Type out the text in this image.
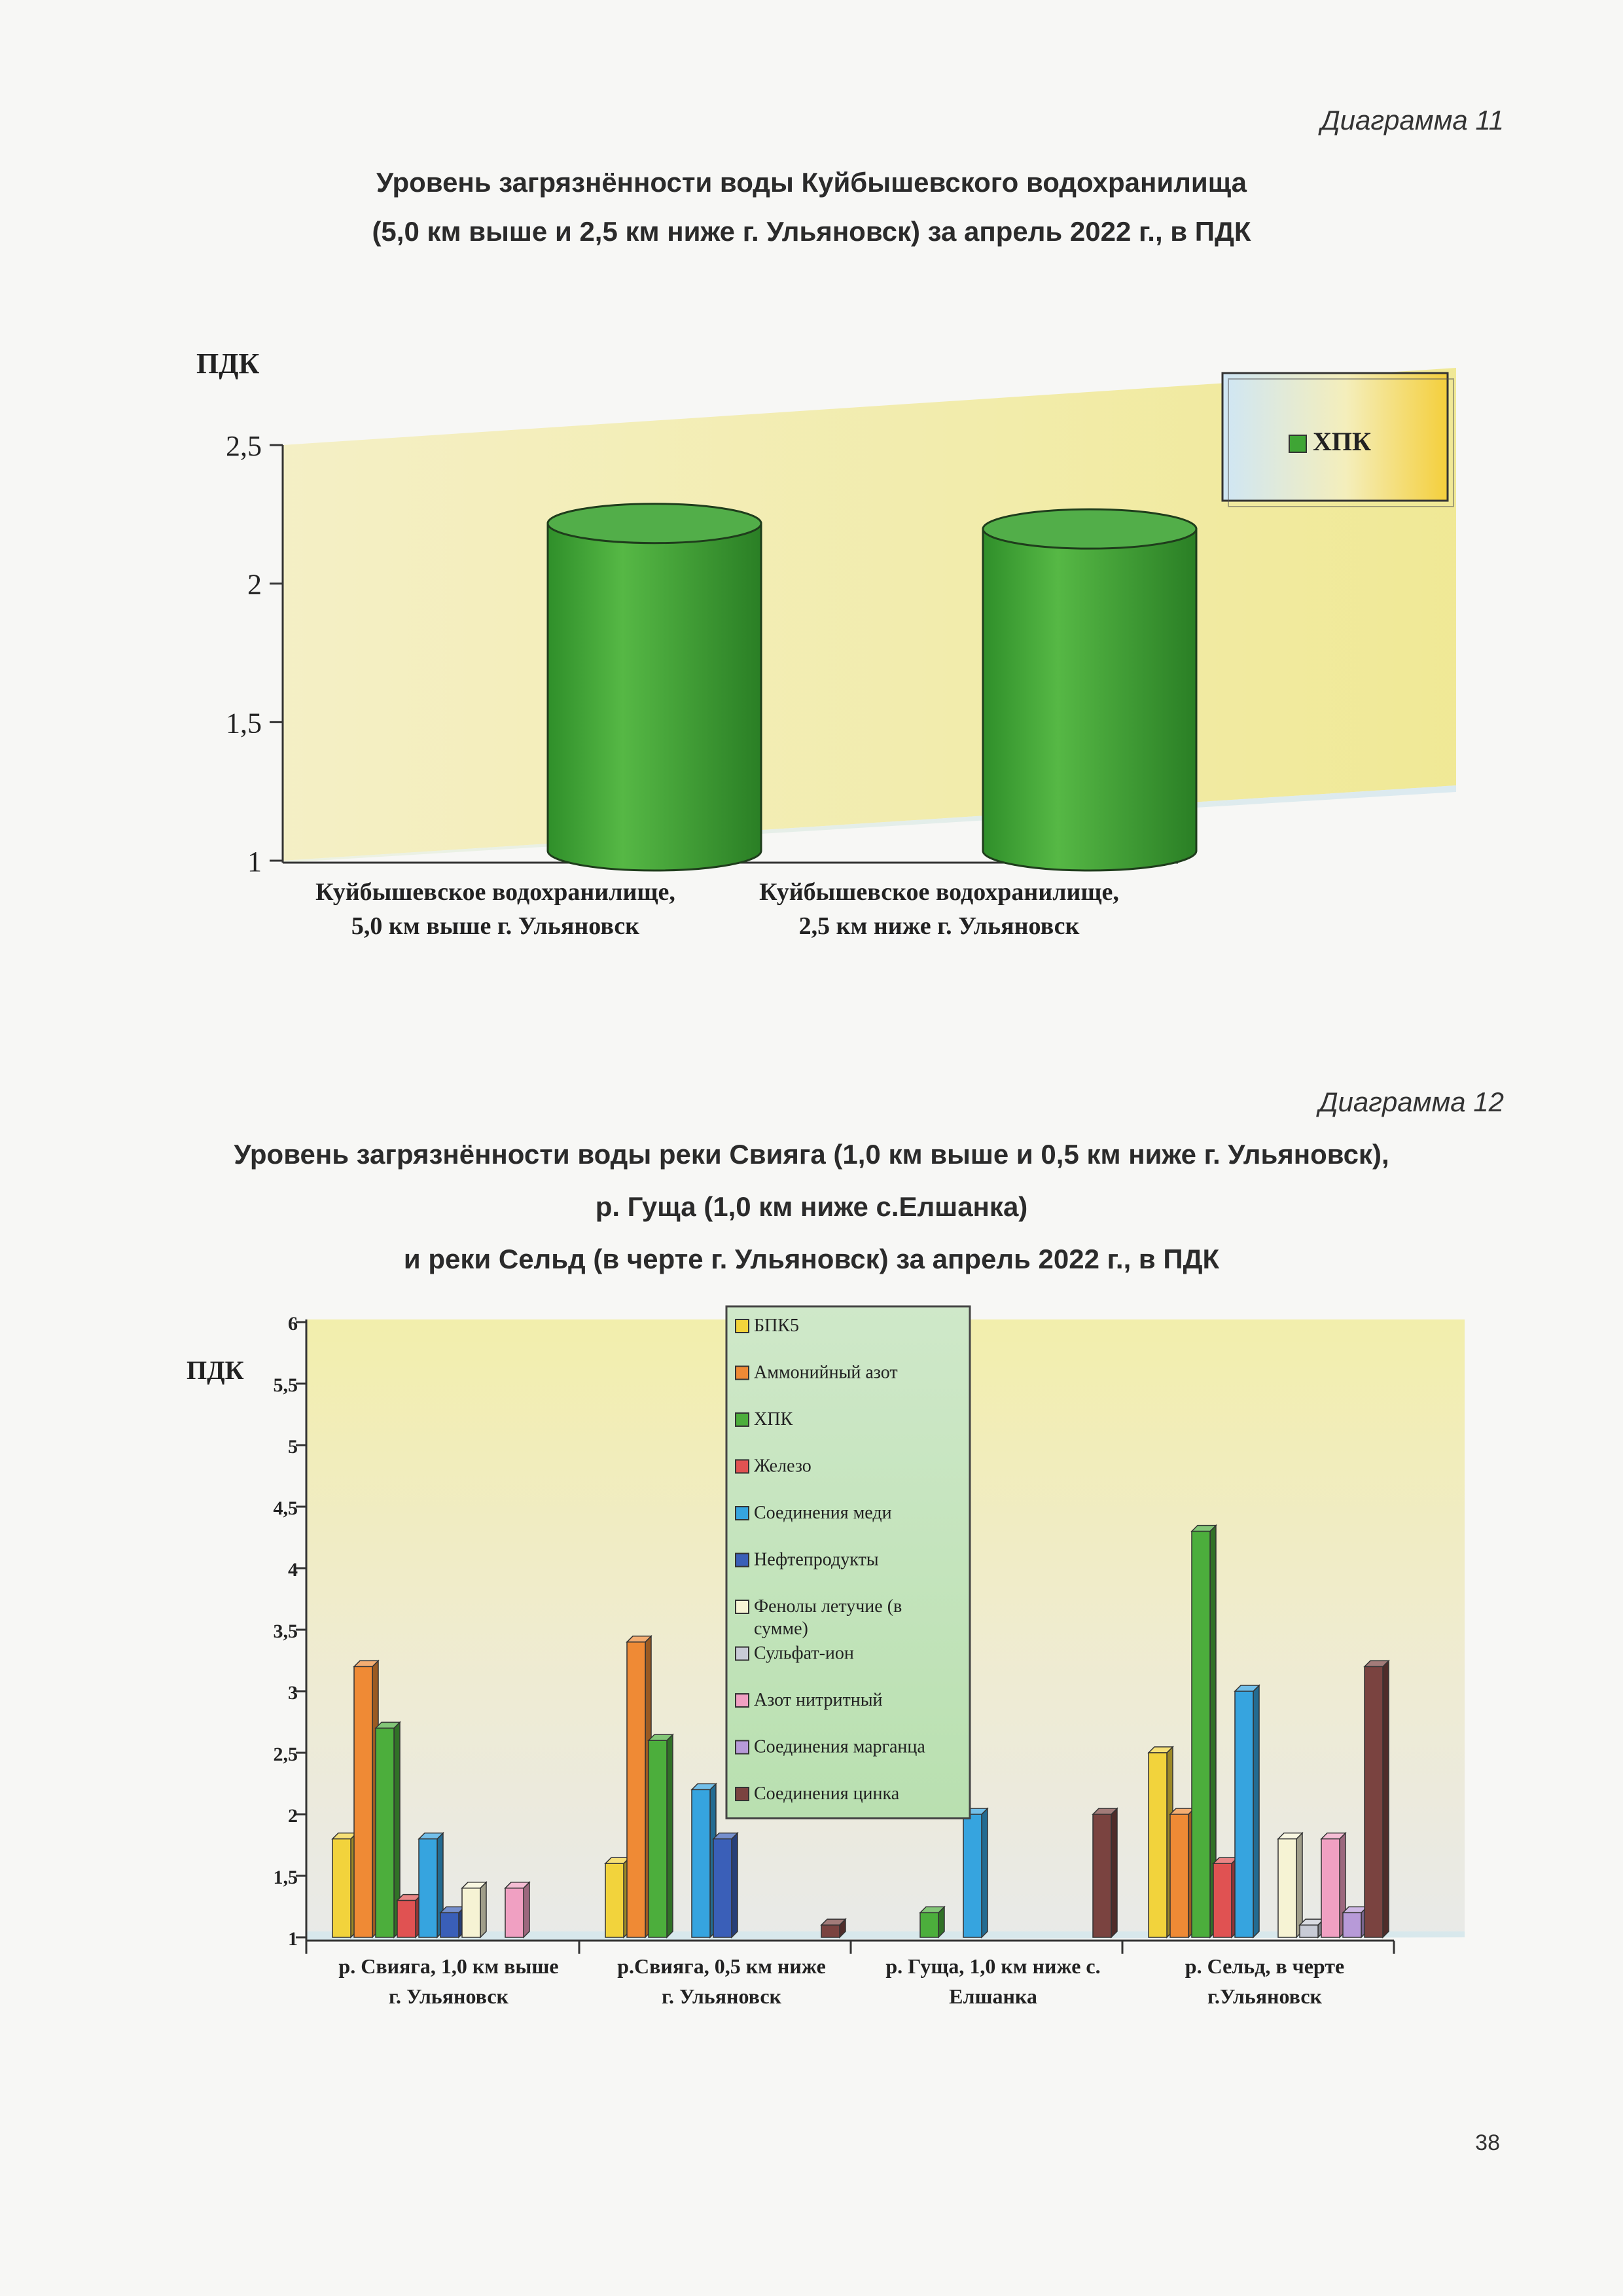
Диаграмма 11
Уровень загрязнённости воды Куйбышевского водохранилища
(5,0 км выше и 2,5 км ниже г. Ульяновск) за апрель 2022 г., в ПДК
1
1,5
2
2,5
Куйбышевское водохранилище,
5,0 км выше г. Ульяновск
Куйбышевское водохранилище,
2,5 км ниже г. Ульяновск
ПДК
ХПК
Диаграмма 12
Уровень загрязнённости воды реки Свияга (1,0 км выше и 0,5 км ниже г. Ульяновск),
р. Гуща (1,0 км ниже с.Елшанка)
и реки Сельд (в черте г. Ульяновск) за апрель 2022 г., в ПДК
1
1,5
2
2,5
3
3,5
4
4,5
5
5,5
6
р. Свияга, 1,0 км выше
г. Ульяновск
р.Свияга, 0,5 км ниже
г. Ульяновск
р. Гуща, 1,0 км ниже с.
Елшанка
р. Сельд, в черте
г.Ульяновск
ПДК
БПК5
Аммонийный азот
ХПК
Железо
Соединения меди
Нефтепродукты
Фенолы летучие (в
сумме)
Сульфат-ион
Азот нитритный
Соединения марганца
Соединения цинка
38
